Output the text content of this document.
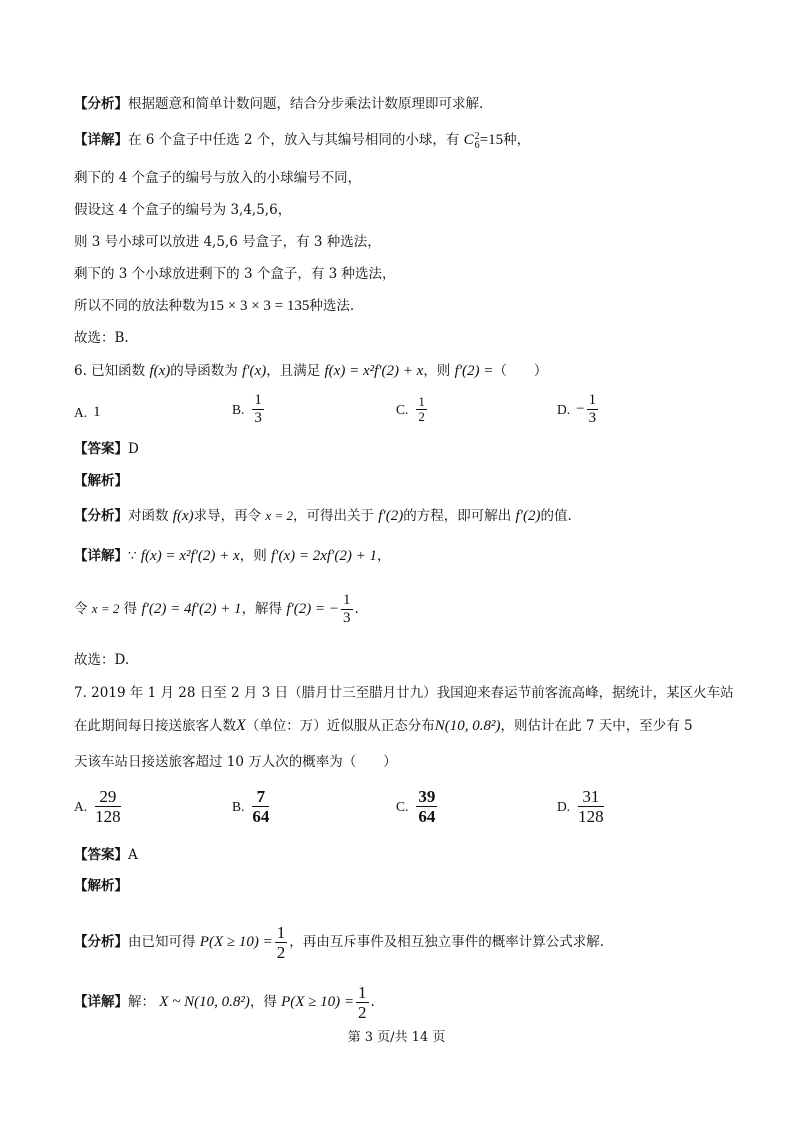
【分析】根据题意和简单计数问题，结合分步乘法计数原理即可求解.
【详解】在 6 个盒子中任选 2 个，放入与其编号相同的小球，有 C 2
6 =15种，
剩下的 4 个盒子的编号与放入的小球编号不同，
假设这 4 个盒子的编号为 3,4,5,6，
则 3 号小球可以放进 4,5,6 号盒子，有 3 种选法，
剩下的 3 个小球放进剩下的 3 个盒子，有 3 种选法，
所以不同的放法种数为15 × 3 × 3 = 135种选法.
故选：B.
6. 已知函数 f(x)的导函数为 f′(x)，且满足 f(x) = x²f′(2) + x，则 f′(2) =（　　）
A. 1	B. $\frac{1}{3}$	C. $\frac{1}{2}$	D. − $\frac{1}{3}$
【答案】D
【解析】
【分析】对函数 f(x)求导，再令 x = 2，可得出关于 f′(2)的方程，即可解出 f′(2)的值.
【详解】∵ f(x) = x²f′(2) + x，则 f′(x) = 2xf′(2) + 1，
令 x = 2 得 f′(2) = 4f′(2) + 1，解得 f′(2) = − $\frac{1}{3}$ .
故选：D.
7. 2019 年 1 月 28 日至 2 月 3 日（腊月廿三至腊月廿九）我国迎来春运节前客流高峰，据统计，某区火车站
在此期间每日接送旅客人数X（单位：万）近似服从正态分布N(10, 0.8²)，则估计在此 7 天中，至少有 5
天该车站日接送旅客超过 10 万人次的概率为（　　）
A. $\frac{29}{128}$	B. $\frac{7}{64}$	C. $\frac{39}{64}$	D. $\frac{31}{128}$
【答案】A
【解析】
【分析】由已知可得 $P(X \ge 10) = \frac{1}{2}$ ，再由互斥事件及相互独立事件的概率计算公式求解.
【详解】解： X ~ N(10, 0.8²)，得 $P(X \ge 10) = \frac{1}{2}$ .
第 3 页/共 14 页
